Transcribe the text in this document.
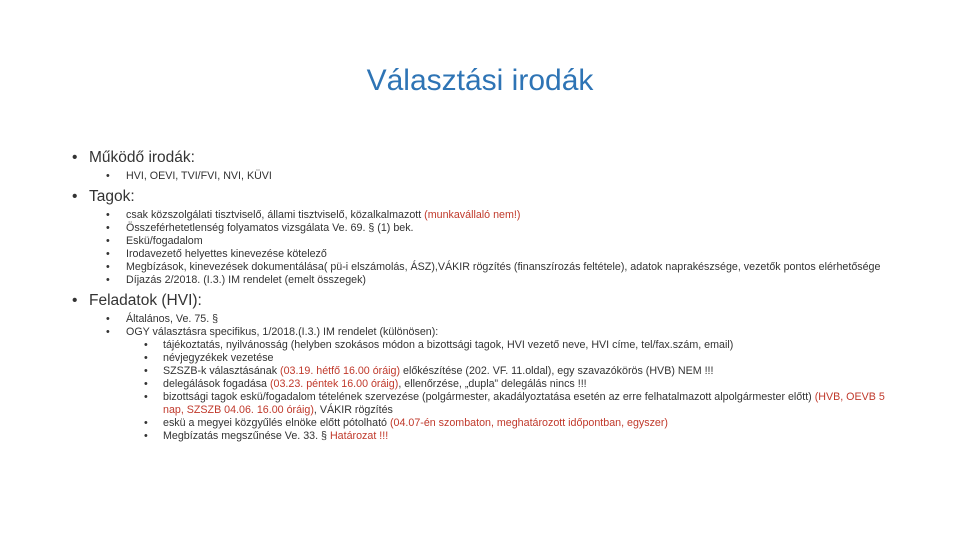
Választási irodák
• Működő irodák:
• HVI, OEVI, TVI/FVI, NVI, KÜVI
• Tagok:
• csak közszolgálati tisztviselő, állami tisztviselő, közalkalmazott (munkavállaló nem!)
• Összeférhetetlenség folyamatos vizsgálata Ve. 69. § (1) bek.
• Eskü/fogadalom
• Irodavezető helyettes kinevezése kötelező
• Megbízások, kinevezések dokumentálása( pü-i elszámolás, ÁSZ),VÁKIR rögzítés (finanszírozás feltétele), adatok naprakészsége, vezetők pontos elérhetősége
• Díjazás 2/2018. (I.3.) IM rendelet (emelt összegek)
• Feladatok (HVI):
• Általános, Ve. 75. §
• OGY választásra specifikus, 1/2018.(I.3.) IM rendelet (különösen):
• tájékoztatás, nyilvánosság (helyben szokásos módon a bizottsági tagok, HVI vezető neve, HVI címe, tel/fax.szám, email)
• névjegyzékek vezetése
• SZSZB-k választásának (03.19. hétfő 16.00 óráig) előkészítése (202. VF. 11.oldal), egy szavazókörös (HVB) NEM !!!
• delegálások fogadása (03.23. péntek 16.00 óráig), ellenőrzése, „dupla” delegálás nincs !!!
• bizottsági tagok eskü/fogadalom tételének szervezése (polgármester, akadályoztatása esetén az erre felhatalmazott alpolgármester előtt) (HVB, OEVB 5 nap, SZSZB 04.06. 16.00 óráig), VÁKIR rögzítés
• eskü a megyei közgyűlés elnöke előtt pótolható (04.07-én szombaton, meghatározott időpontban, egyszer)
• Megbízatás megszűnése Ve. 33. § Határozat !!!
